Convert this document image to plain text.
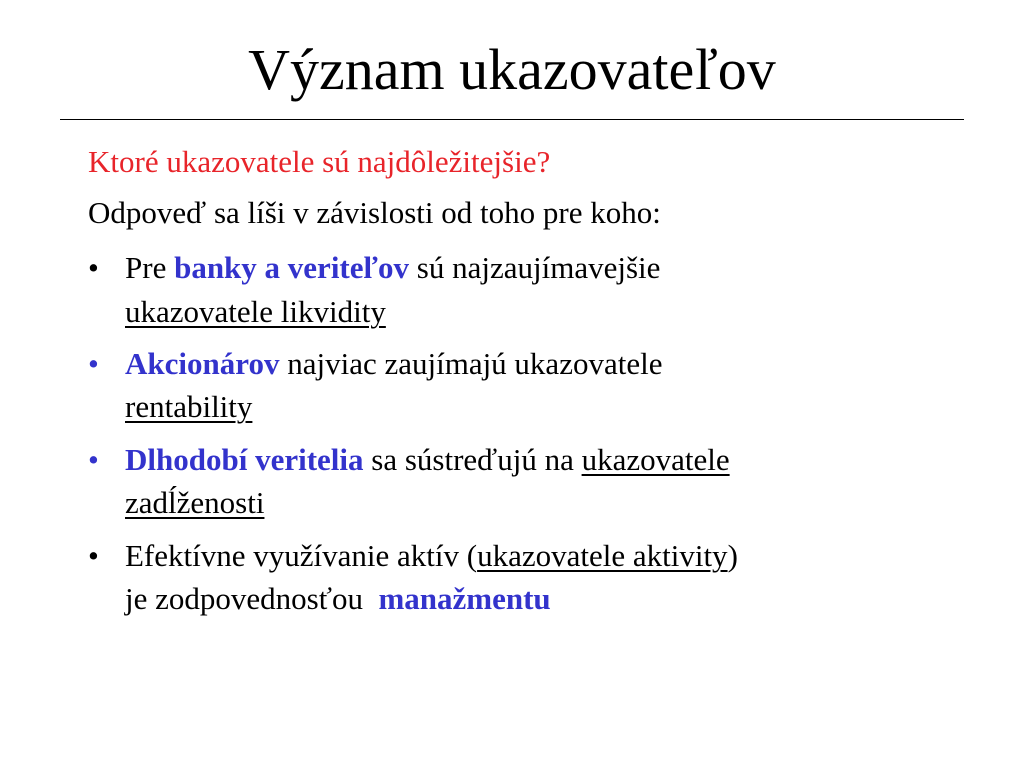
Význam ukazovateľov
Ktoré ukazovatele sú najdôležitejšie?
Odpoveď sa líši v závislosti od toho pre koho:
• Pre banky a veriteľov sú najzaujímavejšie
ukazovatele likvidity
• Akcionárov najviac zaujímajú ukazovatele
rentability
• Dlhodobí veritelia sa sústreďujú na ukazovatele
zadĺženosti
• Efektívne využívanie aktív (ukazovatele aktivity)
je zodpovednosťou  manažmentu
